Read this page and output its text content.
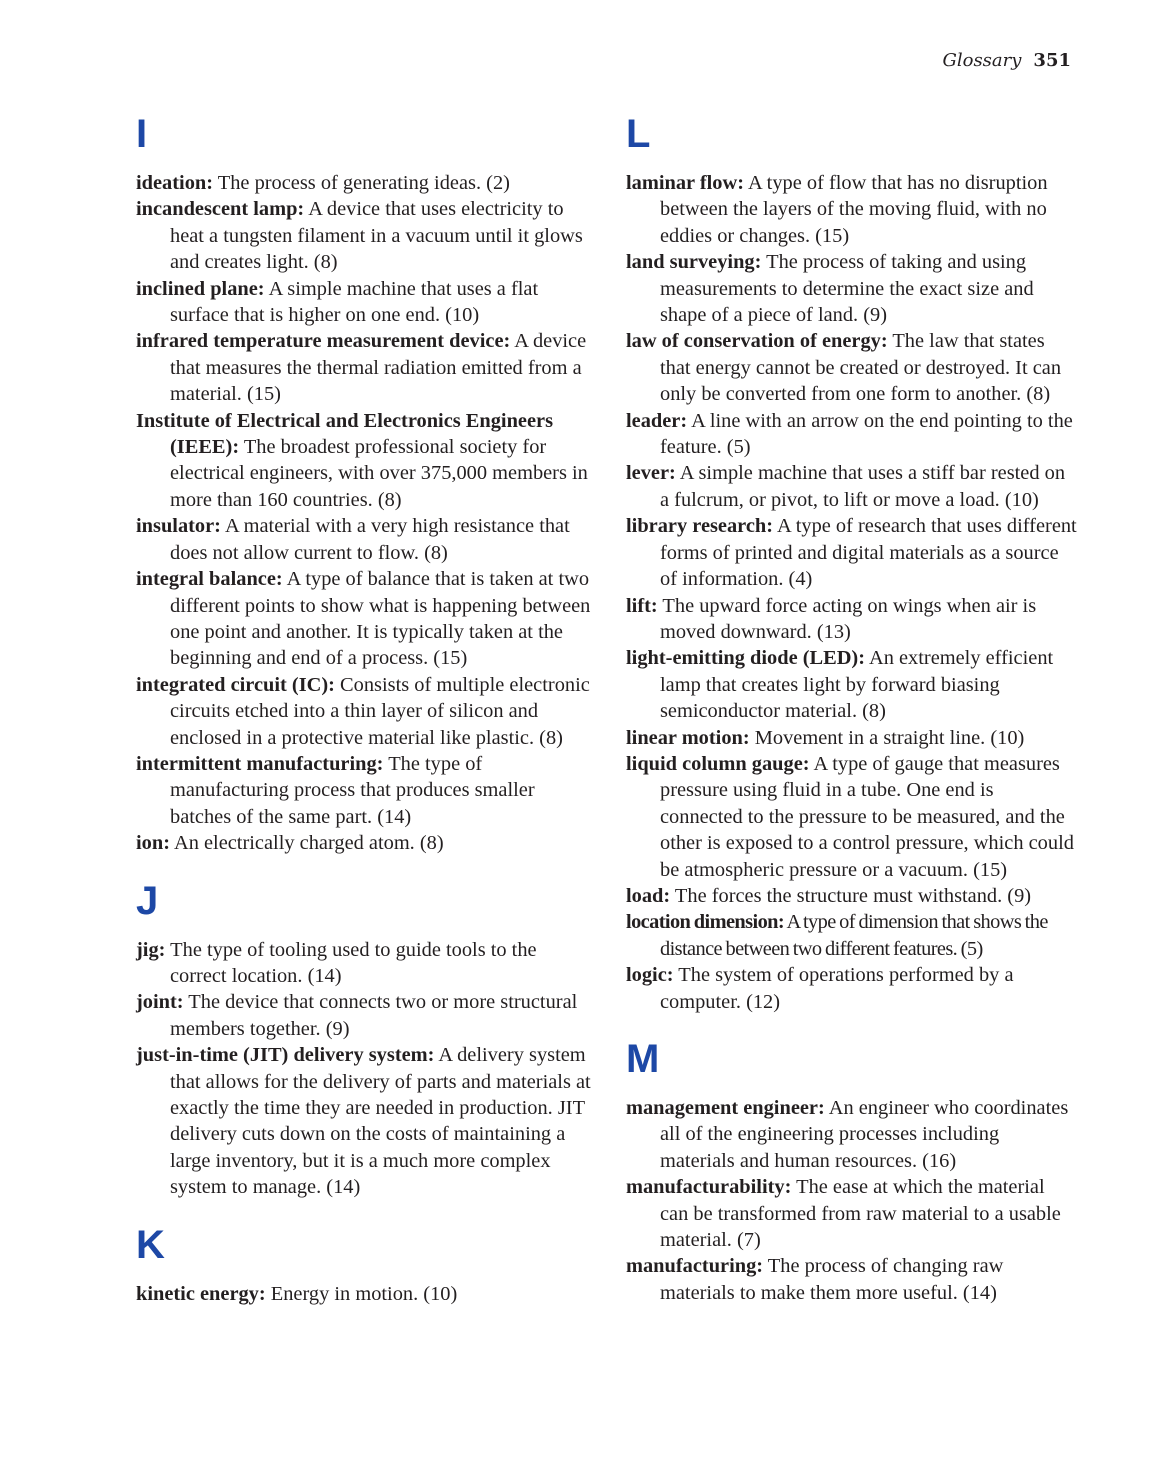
Glossary 351
I

ideation: The process of generating ideas. (2)

incandescent lamp: A device that uses electricity to heat a tungsten filament in a vacuum until it glows and creates light. (8)

inclined plane: A simple machine that uses a flat surface that is higher on one end. (10)

infrared temperature measurement device: A device that measures the thermal radiation emitted from a material. (15)

Institute of Electrical and Electronics Engineers (IEEE): The broadest professional society for electrical engineers, with over 375,000 members in more than 160 countries. (8)

insulator: A material with a very high resistance that does not allow current to flow. (8)

integral balance: A type of balance that is taken at two different points to show what is happening between one point and another. It is typically taken at the beginning and end of a process. (15)

integrated circuit (IC): Consists of multiple electronic circuits etched into a thin layer of silicon and enclosed in a protective material like plastic. (8)

intermittent manufacturing: The type of manufacturing process that produces smaller batches of the same part. (14)

ion: An electrically charged atom. (8)

J

jig: The type of tooling used to guide tools to the correct location. (14)

joint: The device that connects two or more structural members together. (9)

just-in-time (JIT) delivery system: A delivery system that allows for the delivery of parts and materials at exactly the time they are needed in production. JIT delivery cuts down on the costs of maintaining a large inventory, but it is a much more complex system to manage. (14)

K

kinetic energy: Energy in motion. (10)

L

laminar flow: A type of flow that has no disruption between the layers of the moving fluid, with no eddies or changes. (15)

land surveying: The process of taking and using measurements to determine the exact size and shape of a piece of land. (9)

law of conservation of energy: The law that states that energy cannot be created or destroyed. It can only be converted from one form to another. (8)

leader: A line with an arrow on the end pointing to the feature. (5)

lever: A simple machine that uses a stiff bar rested on a fulcrum, or pivot, to lift or move a load. (10)

library research: A type of research that uses different forms of printed and digital materials as a source of information. (4)

lift: The upward force acting on wings when air is moved downward. (13)

light-emitting diode (LED): An extremely efficient lamp that creates light by forward biasing semiconductor material. (8)

linear motion: Movement in a straight line. (10)

liquid column gauge: A type of gauge that measures pressure using fluid in a tube. One end is connected to the pressure to be measured, and the other is exposed to a control pressure, which could be atmospheric pressure or a vacuum. (15)

load: The forces the structure must withstand. (9)

location dimension: A type of dimension that shows the distance between two different features. (5)

logic: The system of operations performed by a computer. (12)

M

management engineer: An engineer who coordinates all of the engineering processes including materials and human resources. (16)

manufacturability: The ease at which the material can be transformed from raw material to a usable material. (7)

manufacturing: The process of changing raw materials to make them more useful. (14)
